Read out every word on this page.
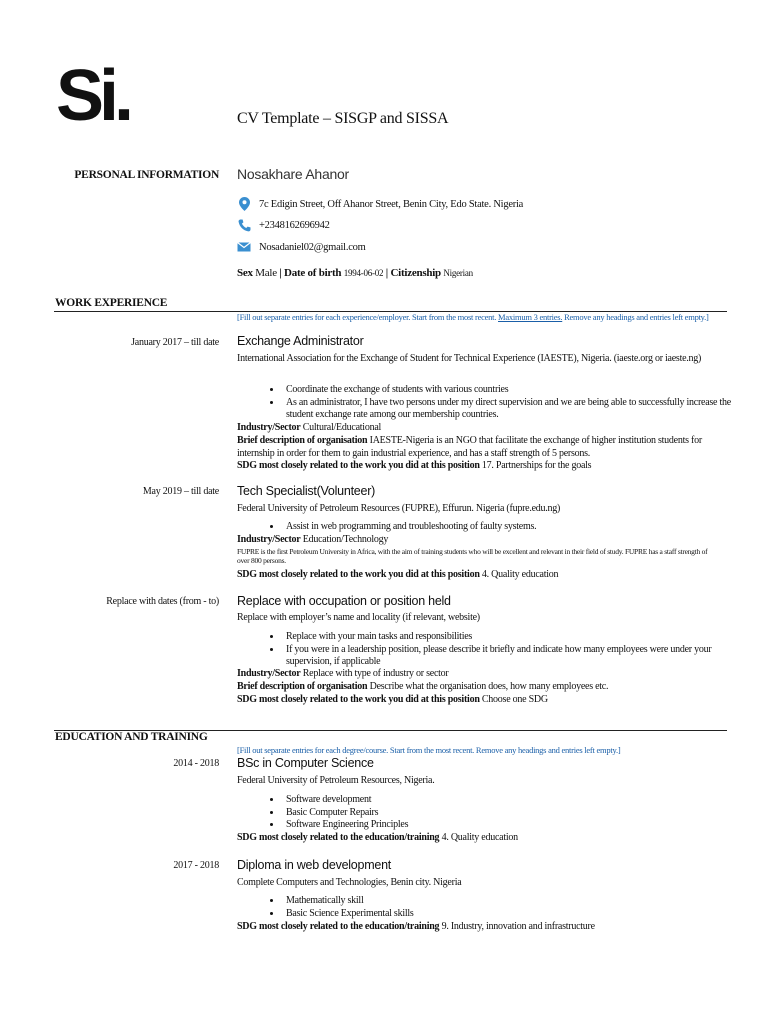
Si.	CV Template – SISGP and SISSA
PERSONAL INFORMATION Nosakhare Ahanor
7c Edigin Street, Off Ahanor Street, Benin City, Edo State. Nigeria
+2348162696942
Nosadaniel02@gmail.com
Sex Male | Date of birth 1994-06-02 | Citizenship Nigerian
WORK EXPERIENCE
[Fill out separate entries for each experience/employer. Start from the most recent. Maximum 3 entries. Remove any headings and entries left empty.]
January 2017 – till date Exchange Administrator
International Association for the Exchange of Student for Technical Experience (IAESTE), Nigeria. (iaeste.org or iaeste.ng)
• Coordinate the exchange of students with various countries
• As an administrator, I have two persons under my direct supervision and we are being able to successfully increase the student exchange rate among our membership countries.
Industry/Sector Cultural/Educational
Brief description of organisation IAESTE-Nigeria is an NGO that facilitate the exchange of higher institution students for internship in order for them to gain industrial experience, and has a staff strength of 5 persons.
SDG most closely related to the work you did at this position 17. Partnerships for the goals
May 2019 – till date Tech Specialist(Volunteer)
Federal University of Petroleum Resources (FUPRE), Effurun. Nigeria (fupre.edu.ng)
• Assist in web programming and troubleshooting of faulty systems.
Industry/Sector Education/Technology
FUPRE is the first Petroleum University in Africa, with the aim of training students who will be excellent and relevant in their field of study. FUPRE has a staff strength of over 800 persons.
SDG most closely related to the work you did at this position 4. Quality education
Replace with dates (from - to) Replace with occupation or position held
Replace with employer’s name and locality (if relevant, website)
• Replace with your main tasks and responsibilities
• If you were in a leadership position, please describe it briefly and indicate how many employees were under your supervision, if applicable
Industry/Sector Replace with type of industry or sector
Brief description of organisation Describe what the organisation does, how many employees etc.
SDG most closely related to the work you did at this position Choose one SDG
EDUCATION AND TRAINING
[Fill out separate entries for each degree/course. Start from the most recent. Remove any headings and entries left empty.]
2014 - 2018 BSc in Computer Science
Federal University of Petroleum Resources, Nigeria.
• Software development
• Basic Computer Repairs
• Software Engineering Principles
SDG most closely related to the education/training 4. Quality education
2017 - 2018 Diploma in web development
Complete Computers and Technologies, Benin city. Nigeria
• Mathematically skill
• Basic Science Experimental skills
SDG most closely related to the education/training 9. Industry, innovation and infrastructure
